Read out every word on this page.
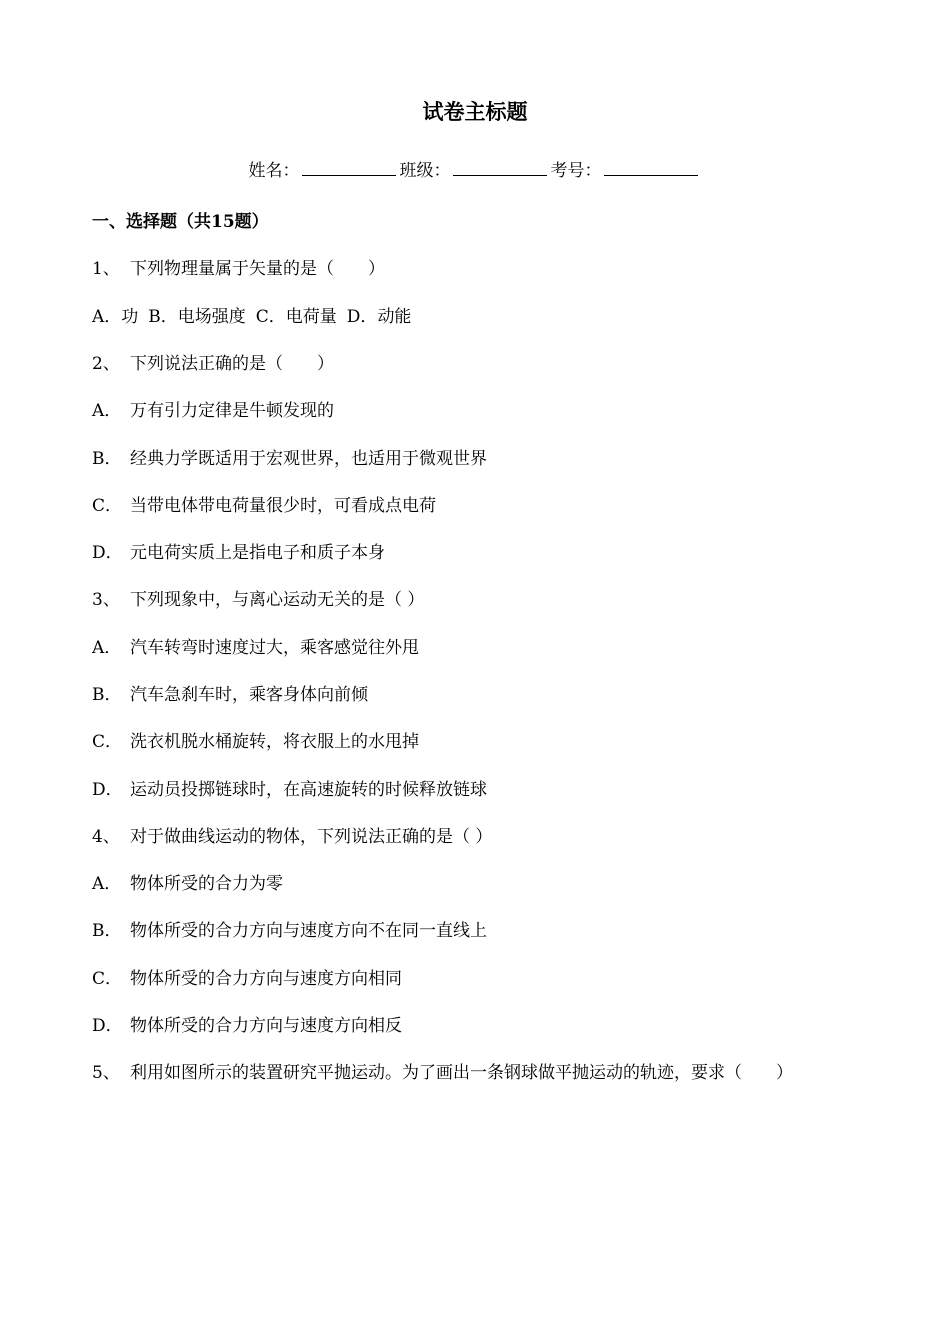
试卷主标题
姓名：	班级：	考号：
一、选择题（共15题）
1、 下列物理量属于矢量的是（　　）
A．功 B．电场强度 C．电荷量 D．动能
2、 下列说法正确的是（　　）
A． 万有引力定律是牛顿发现的
B． 经典力学既适用于宏观世界，也适用于微观世界
C． 当带电体带电荷量很少时，可看成点电荷
D． 元电荷实质上是指电子和质子本身
3、 下列现象中，与离心运动无关的是（ ）
A． 汽车转弯时速度过大，乘客感觉往外甩
B． 汽车急刹车时，乘客身体向前倾
C． 洗衣机脱水桶旋转，将衣服上的水甩掉
D． 运动员投掷链球时，在高速旋转的时候释放链球
4、 对于做曲线运动的物体，下列说法正确的是（ ）
A． 物体所受的合力为零
B． 物体所受的合力方向与速度方向不在同一直线上
C． 物体所受的合力方向与速度方向相同
D． 物体所受的合力方向与速度方向相反
5、 利用如图所示的装置研究平抛运动。为了画出一条钢球做平抛运动的轨迹，要求（　　）
